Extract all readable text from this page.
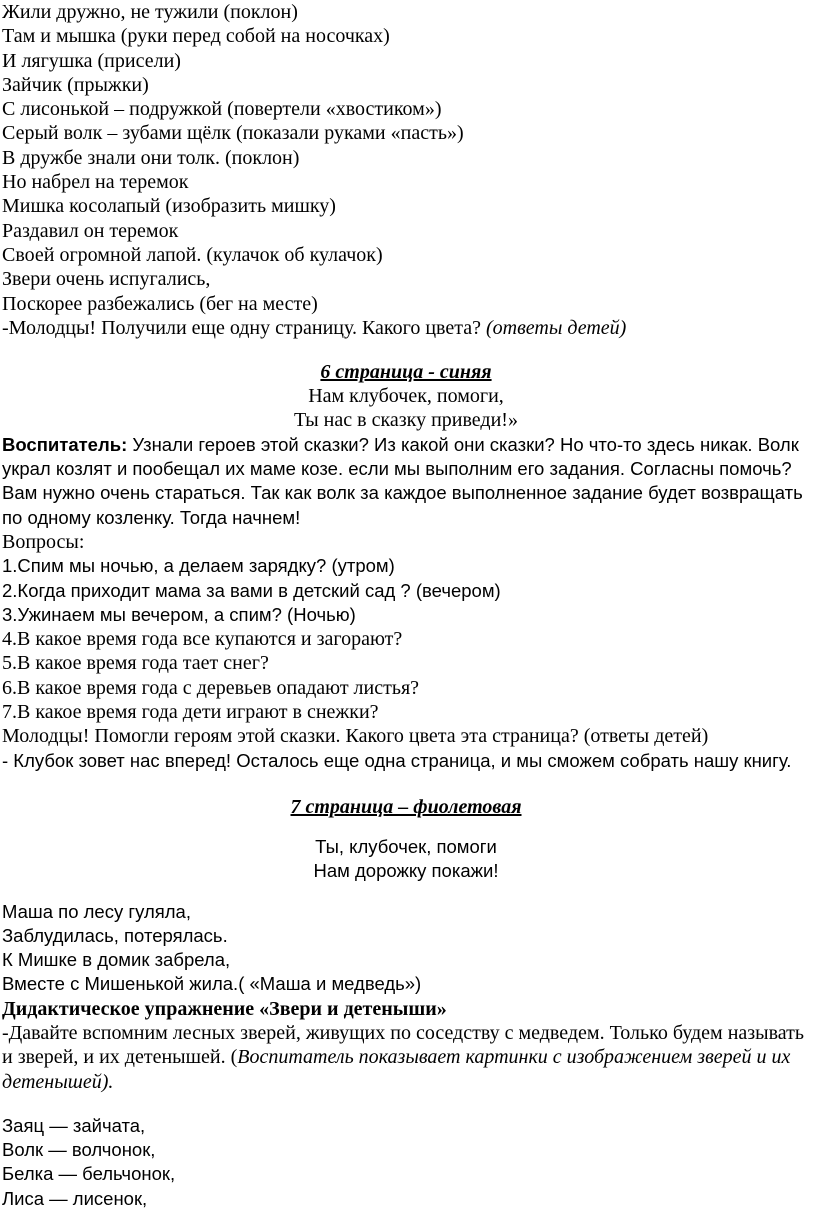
Жили дружно, не тужили (поклон)
Там и мышка (руки перед собой на носочках)
И лягушка (присели)
Зайчик (прыжки)
С лисонькой – подружкой (повертели «хвостиком»)
Серый волк – зубами щёлк (показали руками «пасть»)
В дружбе знали они толк. (поклон)
Но набрел на теремок
Мишка косолапый (изобразить мишку)
Раздавил он теремок
Своей огромной лапой. (кулачок об кулачок)
Звери очень испугались,
Поскорее разбежались (бег на месте)
-Молодцы! Получили еще одну страницу. Какого цвета? (ответы детей)
6 страница - синяя
Нам клубочек, помоги,
Ты нас в сказку приведи!»
Воспитатель: Узнали героев этой сказки? Из какой они сказки? Но что-то здесь никак. Волк украл козлят и пообещал их маме козе. если мы выполним его задания. Согласны помочь? Вам нужно очень стараться. Так как волк за каждое выполненное задание будет возвращать по одному козленку. Тогда начнем!
Вопросы:
1.Спим мы ночью, а делаем зарядку? (утром)
2.Когда приходит мама за вами в детский сад ? (вечером)
3.Ужинаем мы вечером, а спим? (Ночью)
4.В какое время года все купаются и загорают?
5.В какое время года тает снег?
6.В какое время года с деревьев опадают листья?
7.В какое время года дети играют в снежки?
Молодцы! Помогли героям этой сказки. Какого цвета эта страница? (ответы детей)
- Клубок зовет нас вперед! Осталось еще одна страница, и мы сможем собрать нашу книгу.
7 страница – фиолетовая
Ты, клубочек, помоги
Нам дорожку покажи!
Маша по лесу гуляла,
Заблудилась, потерялась.
К Мишке в домик забрела,
Вместе с Мишенькой жила.( «Маша и медведь»)
Дидактическое упражнение «Звери и детеныши»
-Давайте вспомним лесных зверей, живущих по соседству с медведем. Только будем называть и зверей, и их детенышей. (Воспитатель показывает картинки с изображением зверей и их детенышей).
Заяц — зайчата,
Волк — волчонок,
Белка — бельчонок,
Лиса — лисенок,
